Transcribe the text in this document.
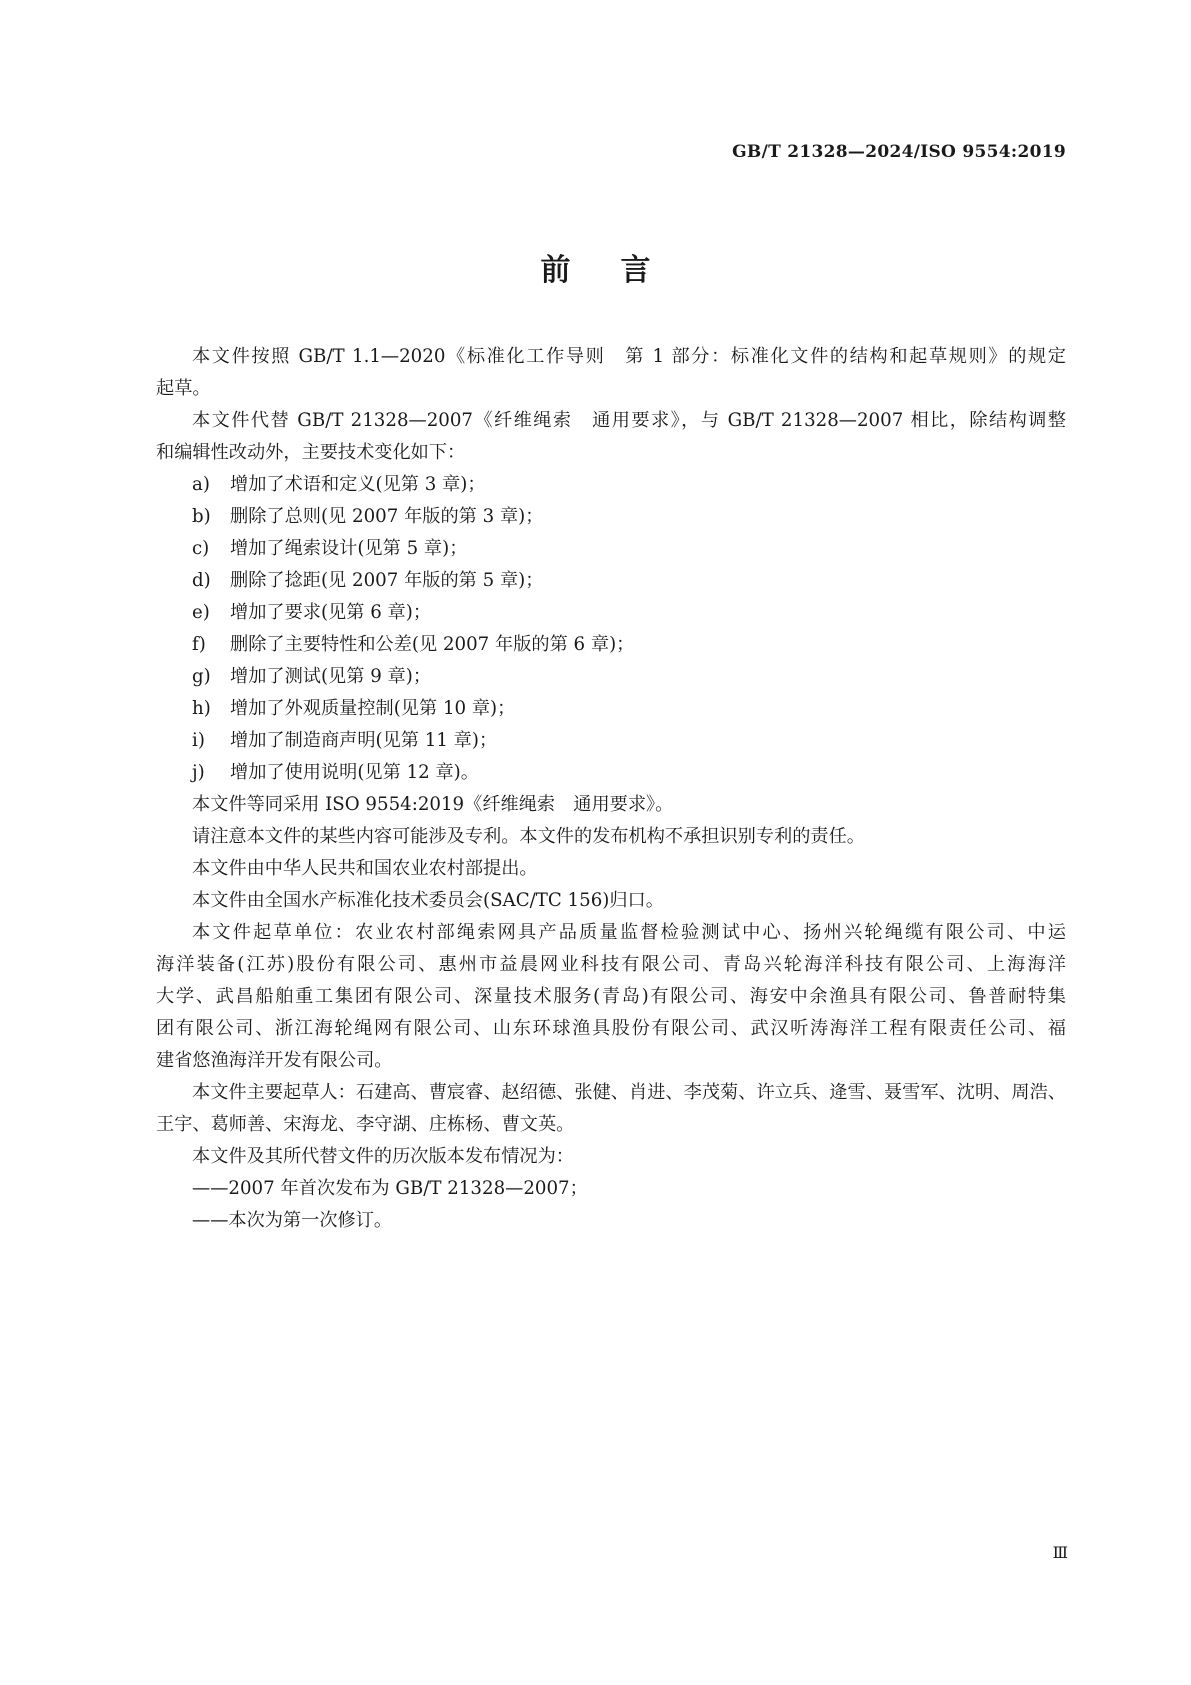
GB/T 21328—2024/ISO 9554:2019
前言
本文件按照 GB/T 1.1—2020《标准化工作导则　第 1 部分：标准化文件的结构和起草规则》的规定
起草。
本文件代替 GB/T 21328—2007《纤维绳索　通用要求》，与 GB/T 21328—2007 相比，除结构调整
和编辑性改动外，主要技术变化如下：
a) 增加了术语和定义(见第 3 章)；
b) 删除了总则(见 2007 年版的第 3 章)；
c) 增加了绳索设计(见第 5 章)；
d) 删除了捻距(见 2007 年版的第 5 章)；
e) 增加了要求(见第 6 章)；
f) 删除了主要特性和公差(见 2007 年版的第 6 章)；
g) 增加了测试(见第 9 章)；
h) 增加了外观质量控制(见第 10 章)；
i) 增加了制造商声明(见第 11 章)；
j) 增加了使用说明(见第 12 章)。
本文件等同采用 ISO 9554:2019《纤维绳索　通用要求》。
请注意本文件的某些内容可能涉及专利。本文件的发布机构不承担识别专利的责任。
本文件由中华人民共和国农业农村部提出。
本文件由全国水产标准化技术委员会(SAC/TC 156)归口。
本文件起草单位：农业农村部绳索网具产品质量监督检验测试中心、扬州兴轮绳缆有限公司、中运
海洋装备(江苏)股份有限公司、惠州市益晨网业科技有限公司、青岛兴轮海洋科技有限公司、上海海洋
大学、武昌船舶重工集团有限公司、深量技术服务(青岛)有限公司、海安中余渔具有限公司、鲁普耐特集
团有限公司、浙江海轮绳网有限公司、山东环球渔具股份有限公司、武汉听涛海洋工程有限责任公司、福
建省悠渔海洋开发有限公司。
本文件主要起草人：石建高、曹宸睿、赵绍德、张健、肖进、李茂菊、许立兵、逄雪、聂雪军、沈明、周浩、
王宇、葛师善、宋海龙、李守湖、庄栋杨、曹文英。
本文件及其所代替文件的历次版本发布情况为：
——2007 年首次发布为 GB/T 21328—2007；
——本次为第一次修订。
Ⅲ
